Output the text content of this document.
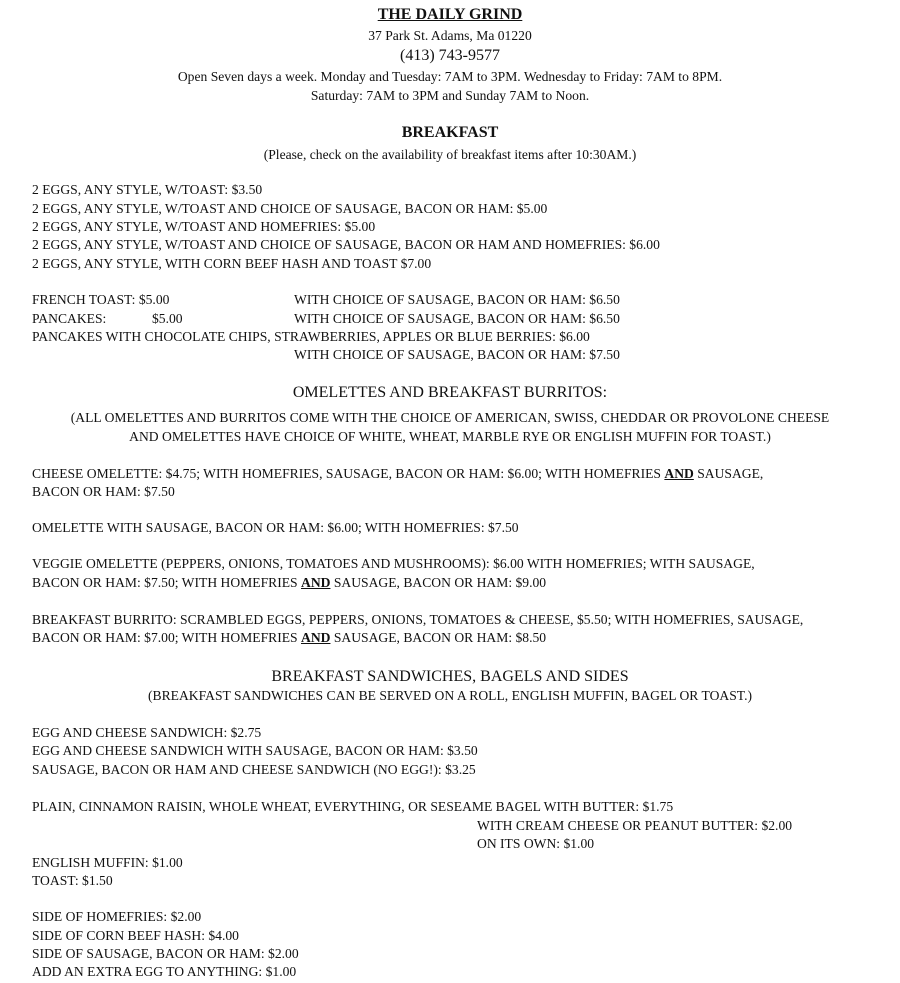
THE DAILY GRIND
37 Park St. Adams, Ma 01220
(413) 743-9577
Open Seven days a week. Monday and Tuesday: 7AM to 3PM. Wednesday to Friday: 7AM to 8PM.
Saturday: 7AM to 3PM and Sunday 7AM to Noon.
BREAKFAST
(Please, check on the availability of breakfast items after 10:30AM.)
2 EGGS, ANY STYLE, W/TOAST: $3.50
2 EGGS, ANY STYLE, W/TOAST AND CHOICE OF SAUSAGE, BACON OR HAM: $5.00
2 EGGS, ANY STYLE, W/TOAST AND HOMEFRIES: $5.00
2 EGGS, ANY STYLE, W/TOAST AND CHOICE OF SAUSAGE, BACON OR HAM AND HOMEFRIES: $6.00
2 EGGS, ANY STYLE, WITH CORN BEEF HASH AND TOAST $7.00
FRENCH TOAST: $5.00	WITH CHOICE OF SAUSAGE, BACON OR HAM: $6.50
PANCAKES:	$5.00	WITH CHOICE OF SAUSAGE, BACON OR HAM: $6.50
PANCAKES WITH CHOCOLATE CHIPS, STRAWBERRIES, APPLES OR BLUE BERRIES: $6.00
WITH CHOICE OF SAUSAGE, BACON OR HAM: $7.50
OMELETTES AND BREAKFAST BURRITOS:
(ALL OMELETTES AND BURRITOS COME WITH THE CHOICE OF AMERICAN, SWISS, CHEDDAR OR PROVOLONE CHEESE
AND OMELETTES HAVE CHOICE OF WHITE, WHEAT, MARBLE RYE OR ENGLISH MUFFIN FOR TOAST.)
CHEESE OMELETTE: $4.75; WITH HOMEFRIES, SAUSAGE, BACON OR HAM: $6.00; WITH HOMEFRIES AND SAUSAGE,
BACON OR HAM: $7.50
OMELETTE WITH SAUSAGE, BACON OR HAM: $6.00; WITH HOMEFRIES: $7.50
VEGGIE OMELETTE (PEPPERS, ONIONS, TOMATOES AND MUSHROOMS): $6.00 WITH HOMEFRIES; WITH SAUSAGE,
BACON OR HAM: $7.50; WITH HOMEFRIES AND SAUSAGE, BACON OR HAM: $9.00
BREAKFAST BURRITO: SCRAMBLED EGGS, PEPPERS, ONIONS, TOMATOES & CHEESE, $5.50; WITH HOMEFRIES, SAUSAGE,
BACON OR HAM: $7.00; WITH HOMEFRIES AND SAUSAGE, BACON OR HAM: $8.50
BREAKFAST SANDWICHES, BAGELS AND SIDES
(BREAKFAST SANDWICHES CAN BE SERVED ON A ROLL, ENGLISH MUFFIN, BAGEL OR TOAST.)
EGG AND CHEESE SANDWICH: $2.75
EGG AND CHEESE SANDWICH WITH SAUSAGE, BACON OR HAM: $3.50
SAUSAGE, BACON OR HAM AND CHEESE SANDWICH (NO EGG!): $3.25
PLAIN, CINNAMON RAISIN, WHOLE WHEAT, EVERYTHING, OR SESEAME BAGEL WITH BUTTER: $1.75
WITH CREAM CHEESE OR PEANUT BUTTER: $2.00
ON ITS OWN: $1.00
ENGLISH MUFFIN: $1.00
TOAST: $1.50
SIDE OF HOMEFRIES: $2.00
SIDE OF CORN BEEF HASH: $4.00
SIDE OF SAUSAGE, BACON OR HAM: $2.00
ADD AN EXTRA EGG TO ANYTHING: $1.00
